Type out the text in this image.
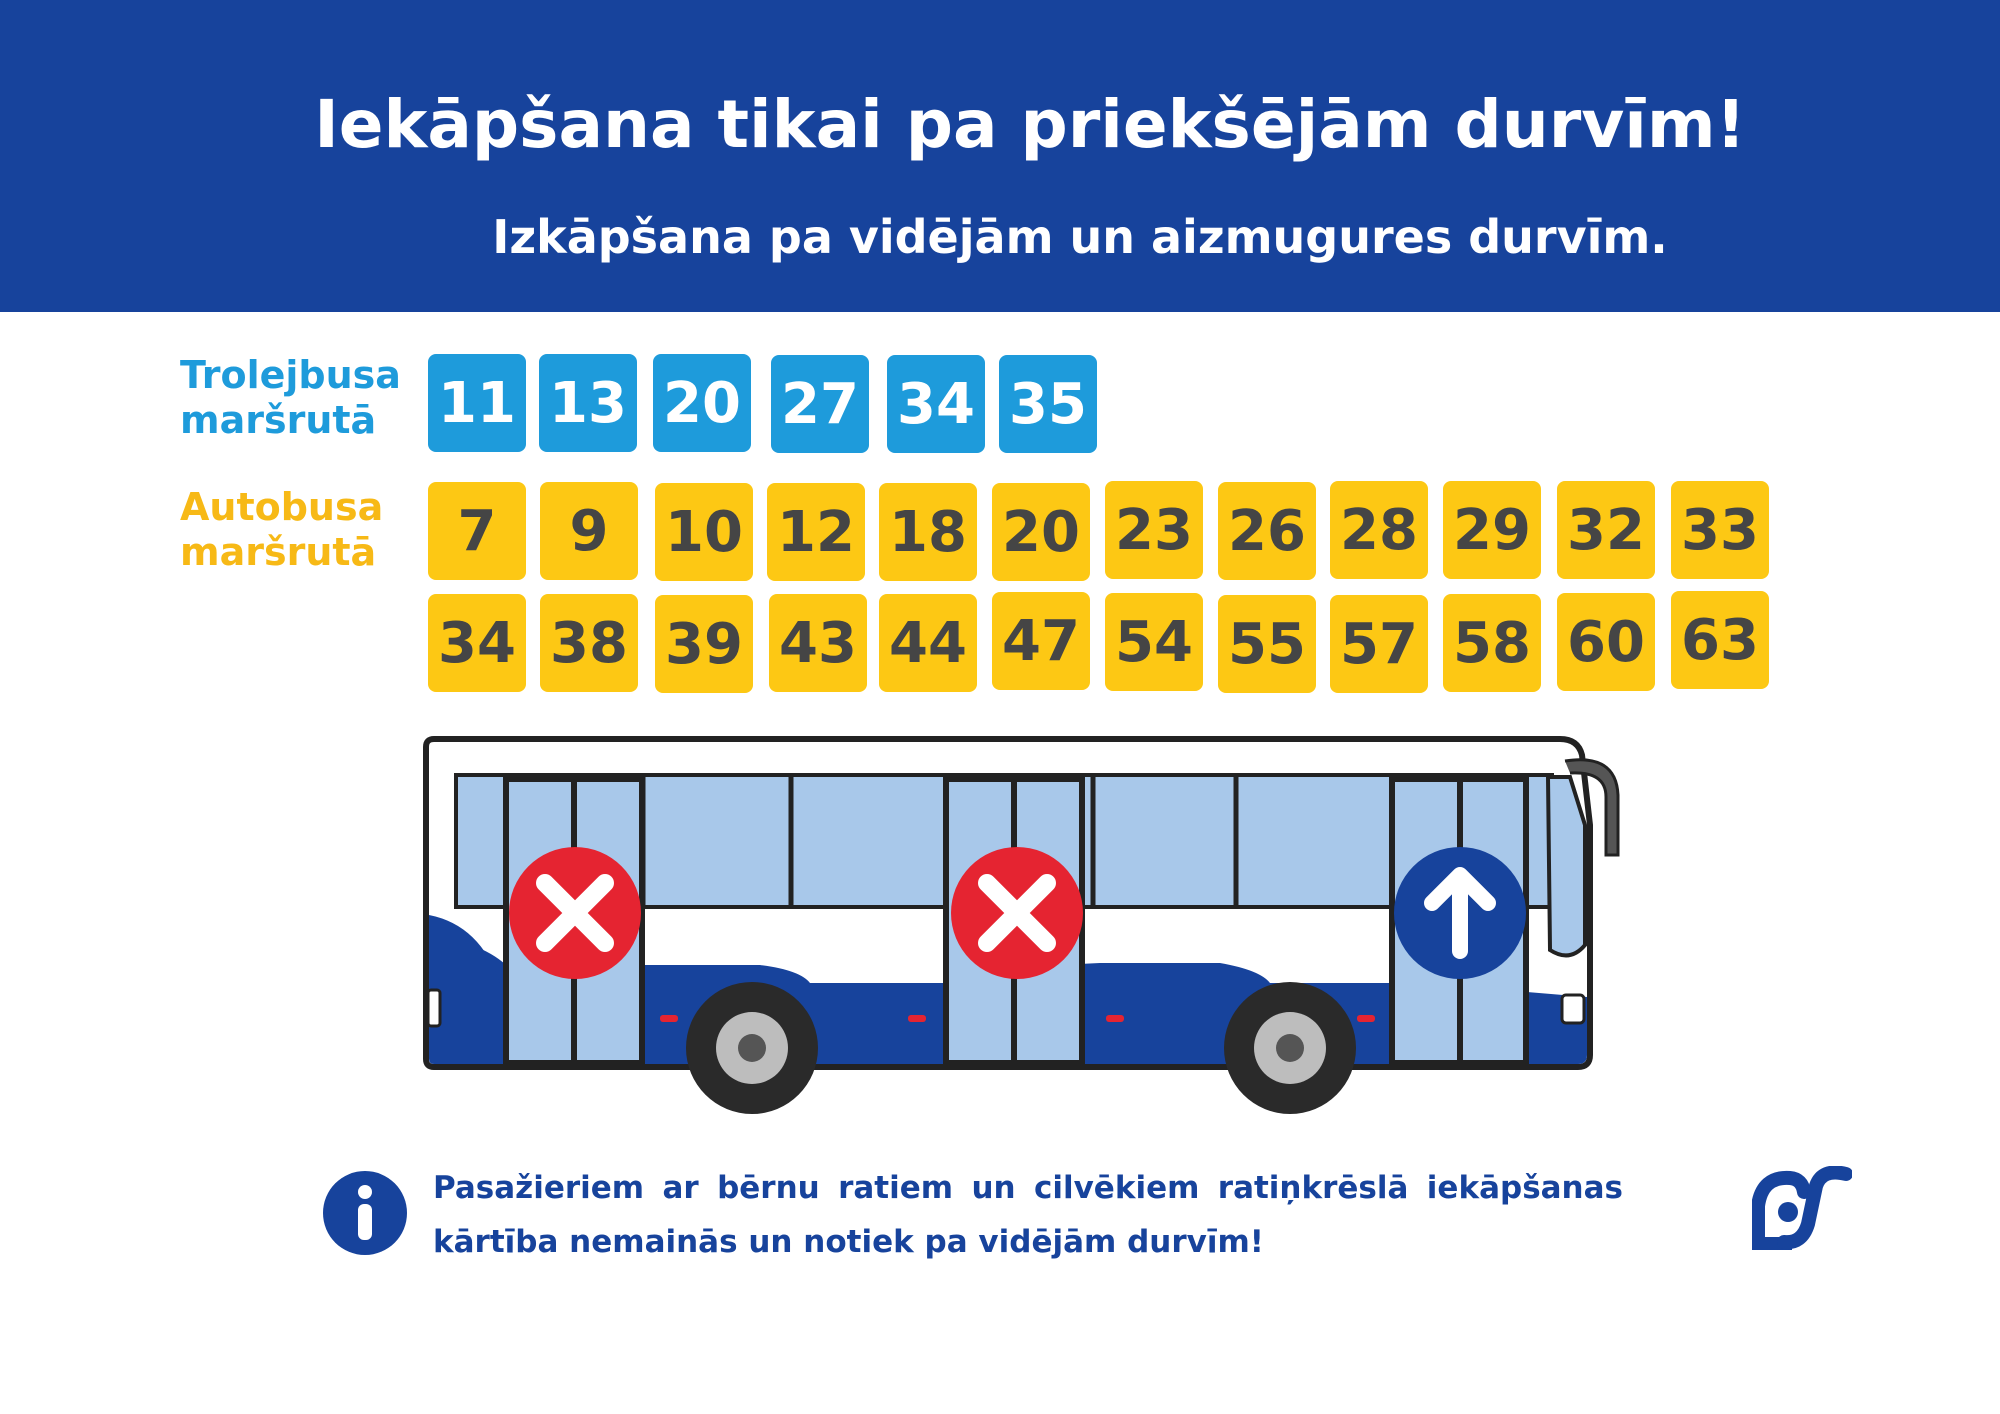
Iekāpšana tikai pa priekšējām durvīm!
Izkāpšana pa vidējām un aizmugures durvīm.
Trolejbusa
maršrutā
Autobusa
maršrutā
11 13 20 27 34 35
7	9	10 12 18 20 23 26 28 29 32 33
34 38 39 43 44 47 54 55 57 58 60 63
Pasažieriem ar bērnu ratiem un cilvēkiem ratiņkrēslā iekāpšanas kārtība nemainās un notiek pa vidējām durvīm!
